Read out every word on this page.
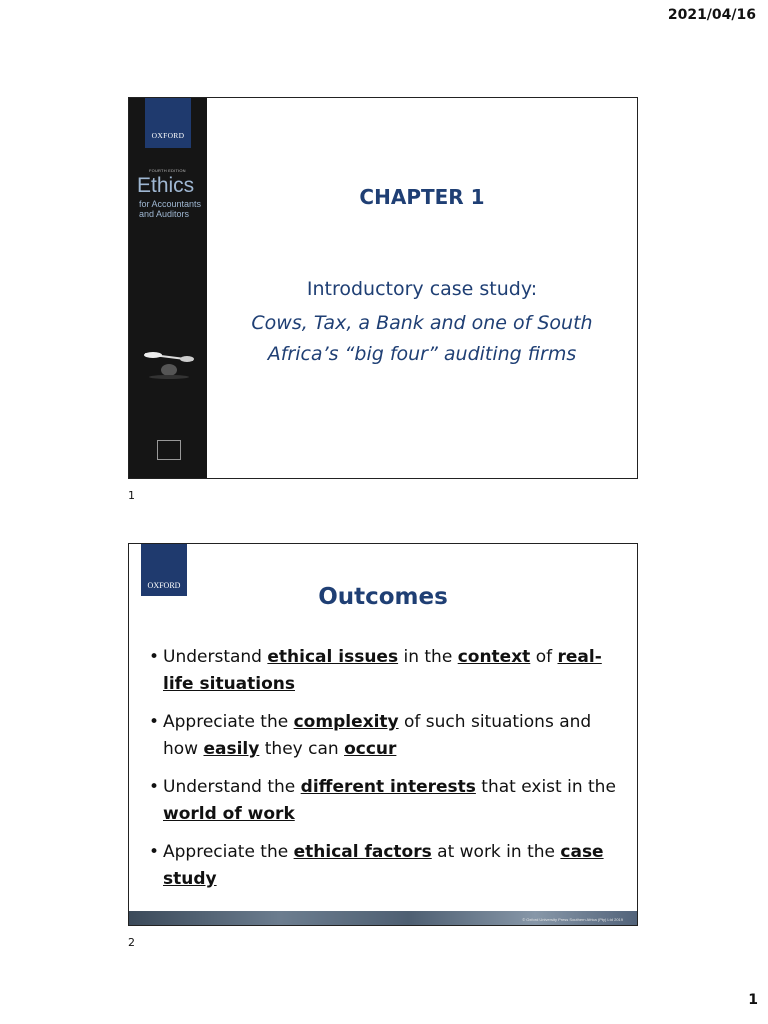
2021/04/16
OXFORD
FOURTH EDITION
Ethics
for Accountants
and Auditors
CHAPTER 1
Introductory case study:
Cows, Tax, a Bank and one of South
Africa’s “big four” auditing firms
1
OXFORD	Outcomes
• Understand ethical issues in the context of real-life situations
• Appreciate the complexity of such situations and how easily they can occur
• Understand the different interests that exist in the world of work
• Appreciate the ethical factors at work in the case study
© Oxford University Press Southern Africa (Pty) Ltd 2019
2
1
